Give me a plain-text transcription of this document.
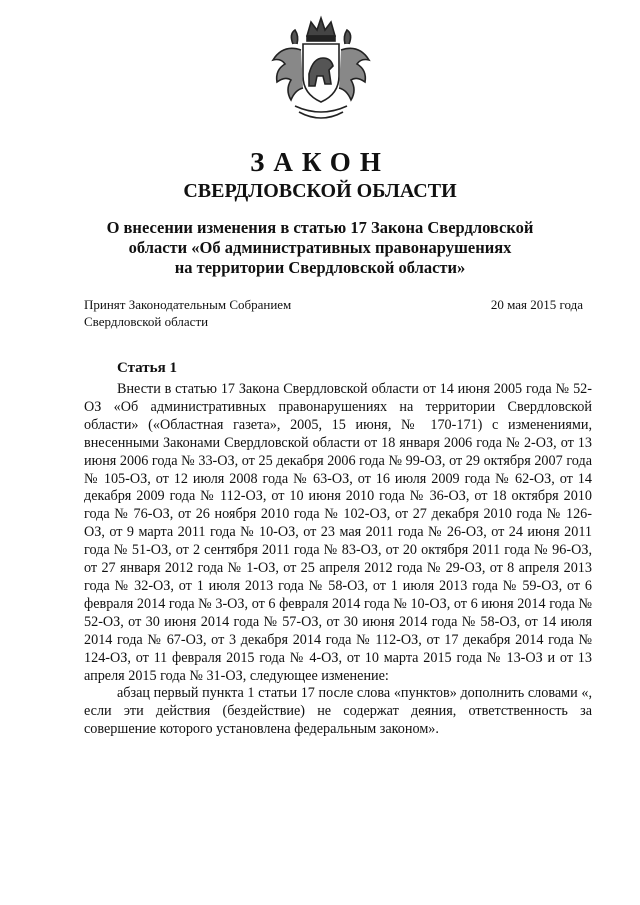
ЗАКОН
СВЕРДЛОВСКОЙ ОБЛАСТИ
О внесении изменения в статью 17 Закона Свердловской
области «Об административных правонарушениях
на территории Свердловской области»
Принят Законодательным Собранием
Свердловской области
20 мая 2015 года
Статья 1

Внести в статью 17 Закона Свердловской области от 14 июня 2005 года № 52-ОЗ «Об административных правонарушениях на территории Свердловской области» («Областная газета», 2005, 15 июня, № 170-171) с изменениями, внесенными Законами Свердловской области от 18 января 2006 года № 2-ОЗ, от 13 июня 2006 года № 33-ОЗ, от 25 декабря 2006 года № 99-ОЗ, от 29 октября 2007 года № 105-ОЗ, от 12 июля 2008 года № 63-ОЗ, от 16 июля 2009 года № 62-ОЗ, от 14 декабря 2009 года № 112-ОЗ, от 10 июня 2010 года № 36-ОЗ, от 18 октября 2010 года № 76-ОЗ, от 26 ноября 2010 года № 102-ОЗ, от 27 декабря 2010 года № 126-ОЗ, от 9 марта 2011 года № 10-ОЗ, от 23 мая 2011 года № 26-ОЗ, от 24 июня 2011 года № 51-ОЗ, от 2 сентября 2011 года № 83-ОЗ, от 20 октября 2011 года № 96-ОЗ, от 27 января 2012 года № 1-ОЗ, от 25 апреля 2012 года № 29-ОЗ, от 8 апреля 2013 года № 32-ОЗ, от 1 июля 2013 года № 58-ОЗ, от 1 июля 2013 года № 59-ОЗ, от 6 февраля 2014 года № 3-ОЗ, от 6 февраля 2014 года № 10-ОЗ, от 6 июня 2014 года № 52-ОЗ, от 30 июня 2014 года № 57-ОЗ, от 30 июня 2014 года № 58-ОЗ, от 14 июля 2014 года № 67-ОЗ, от 3 декабря 2014 года № 112-ОЗ, от 17 декабря 2014 года № 124-ОЗ, от 11 февраля 2015 года № 4-ОЗ, от 10 марта 2015 года № 13-ОЗ и от 13 апреля 2015 года № 31-ОЗ, следующее изменение:

абзац первый пункта 1 статьи 17 после слова «пунктов» дополнить словами «, если эти действия (бездействие) не содержат деяния, ответственность за совершение которого установлена федеральным законом».
